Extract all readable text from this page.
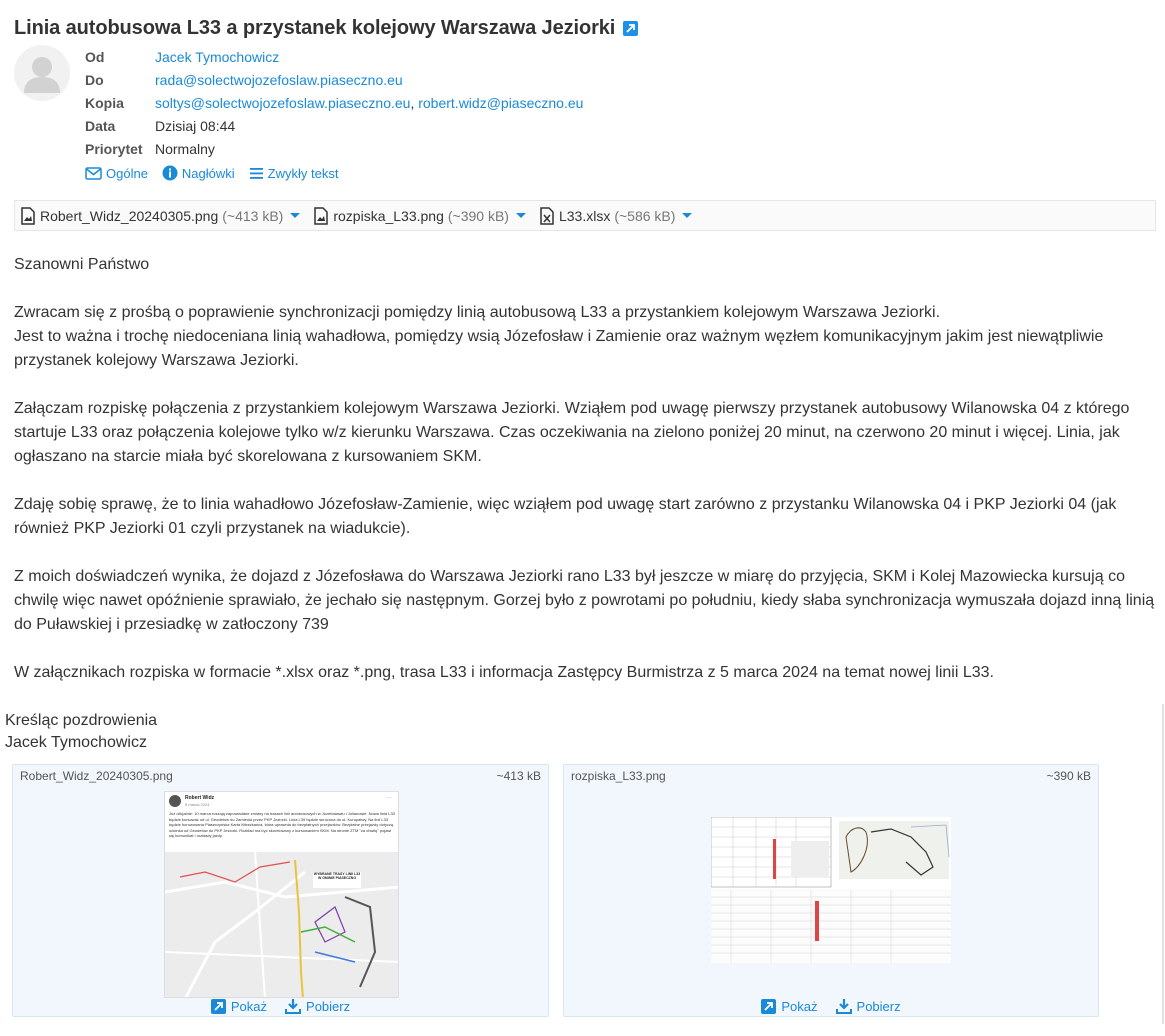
Linia autobusowa L33 a przystanek kolejowy Warszawa Jeziorki
Od	Jacek Tymochowicz
Do	rada@solectwojozefoslaw.piaseczno.eu
Kopia	soltys@solectwojozefoslaw.piaseczno.eu , robert.widz@piaseczno.eu
Data	Dzisiaj 08:44
Priorytet Normalny
Ogólne	Nagłówki	Zwykły tekst
Robert_Widz_20240305.png (~413 kB)	rozpiska_L33.png (~390 kB)	L33.xlsx (~586 kB)

Szanowni Państwo

Zwracam się z prośbą o poprawienie synchronizacji pomiędzy linią autobusową L33 a przystankiem kolejowym Warszawa Jeziorki.
Jest to ważna i trochę niedoceniana linią wahadłowa, pomiędzy wsią Józefosław i Zamienie oraz ważnym węzłem komunikacyjnym jakim jest niewątpliwie przystanek kolejowy Warszawa Jeziorki.

Załączam rozpiskę połączenia z przystankiem kolejowym Warszawa Jeziorki. Wziąłem pod uwagę pierwszy przystanek autobusowy Wilanowska 04 z którego startuje L33 oraz połączenia kolejowe tylko w/z kierunku Warszawa. Czas oczekiwania na zielono poniżej 20 minut, na czerwono 20 minut i więcej. Linia, jak ogłaszano na starcie miała być skorelowana z kursowaniem SKM.

Zdaję sobię sprawę, że to linia wahadłowo Józefosław-Zamienie, więc wziąłem pod uwagę start zarówno z przystanku Wilanowska 04 i PKP Jeziorki 04 (jak również PKP Jeziorki 01 czyli przystanek na wiadukcie).

Z moich doświadczeń wynika, że dojazd z Józefosława do Warszawa Jeziorki rano L33 był jeszcze w miarę do przyjęcia, SKM i Kolej Mazowiecka kursują co chwilę więc nawet opóźnienie sprawiało, że jechało się następnym. Gorzej było z powrotami po południu, kiedy słaba synchronizacja wymuszała dojazd inną linią do Puławskiej i przesiadkę w zatłoczony 739

W załącznikach rozpiska w formacie *.xlsx oraz *.png, trasa L33 i informacja Zastępcy Burmistrza z 5 marca 2024 na temat nowej linii L33.

Kreśląc pozdrowienia
Jacek Tymochowicz
Robert_Widz_20240305.png	~413 kB
Robert Widz
5 marca 2024 ·
···
Już oficjalnie: 10 marca ruszają zapowiadane zmiany na trasach linii autobusowych w Józefosławiu i Julianowie. Nowa linia L33 będzie kursować od ul. Geodetów do Zamienia przez PKP Jeziorki. Linia L39 będzie skrócona do ul. Kuropatwy. Na linii L33 będzie honorowana Piaseczyńska Karta Mieszkańca, która uprawnia do bezpłatnych przejazdów. Bezpłatne przejazdy dotyczą odcinka od Geodetów do PKP Jeziorki. Rozkład ma być skorelowany z kursowaniem SKM. Na stronie ZTM "za chwilę" pojawi się komunikat i rozkłady jazdy.
WYBRANE TRASY LINII L33 W GMINIE PIASECZNO
Pokaż	Pobierz
rozpiska_L33.png	~390 kB
Pokaż	Pobierz
